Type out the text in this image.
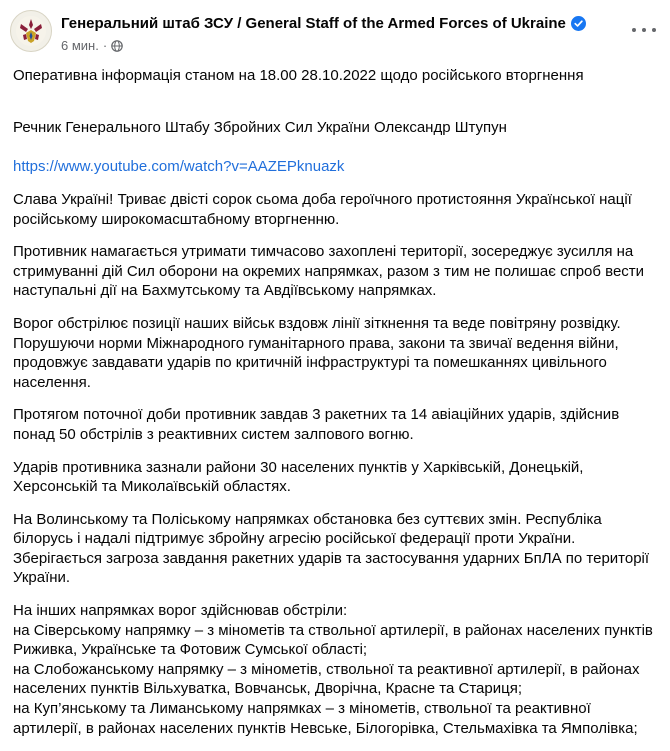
Генеральний штаб ЗСУ / General Staff of the Armed Forces of Ukraine
6 мин. ·

Оперативна інформація станом на 18.00 28.10.2022 щодо російського вторгнення

Речник Генерального Штабу Збройних Сил України Олександр Штупун

https://www.youtube.com/watch?v=AAZEPknuazk

Слава Україні! Триває двісті сорок сьома доба героїчного протистояння Української нації російському широкомасштабному вторгненню.

Противник намагається утримати тимчасово захоплені території, зосереджує зусилля на стримуванні дій Сил оборони на окремих напрямках, разом з тим не полишає спроб вести наступальні дії на Бахмутському та Авдіївському напрямках.

Ворог обстрілює позиції наших військ вздовж лінії зіткнення та веде повітряну розвідку. Порушуючи норми Міжнародного гуманітарного права, закони та звичаї ведення війни, продовжує завдавати ударів по критичній інфраструктурі та помешканнях цивільного населення.

Протягом поточної доби противник завдав 3 ракетних та 14 авіаційних ударів, здійснив понад 50 обстрілів з реактивних систем залпового вогню.

Ударів противника зазнали райони 30 населених пунктів у Харківській, Донецькій, Херсонській та Миколаївській областях.

На Волинському та Поліському напрямках обстановка без суттєвих змін. Республіка білорусь і надалі підтримує збройну агресію російської федерації проти України. Зберігається загроза завдання ракетних ударів та застосування ударних БпЛА по території України.

На інших напрямках ворог здійснював обстріли:
на Сіверському напрямку – з мінометів та ствольної артилерії, в районах населених пунктів Риживка, Українське та Фотовиж Сумської області;
на Слобожанському напрямку – з мінометів, ствольної та реактивної артилерії, в районах населених пунктів Вільхуватка, Вовчанськ, Дворічна, Красне та Стариця;
на Куп’янському та Лиманському напрямках – з мінометів, ствольної та реактивної артилерії, в районах населених пунктів Невське, Білогорівка, Стельмахівка та Ямполівка;
